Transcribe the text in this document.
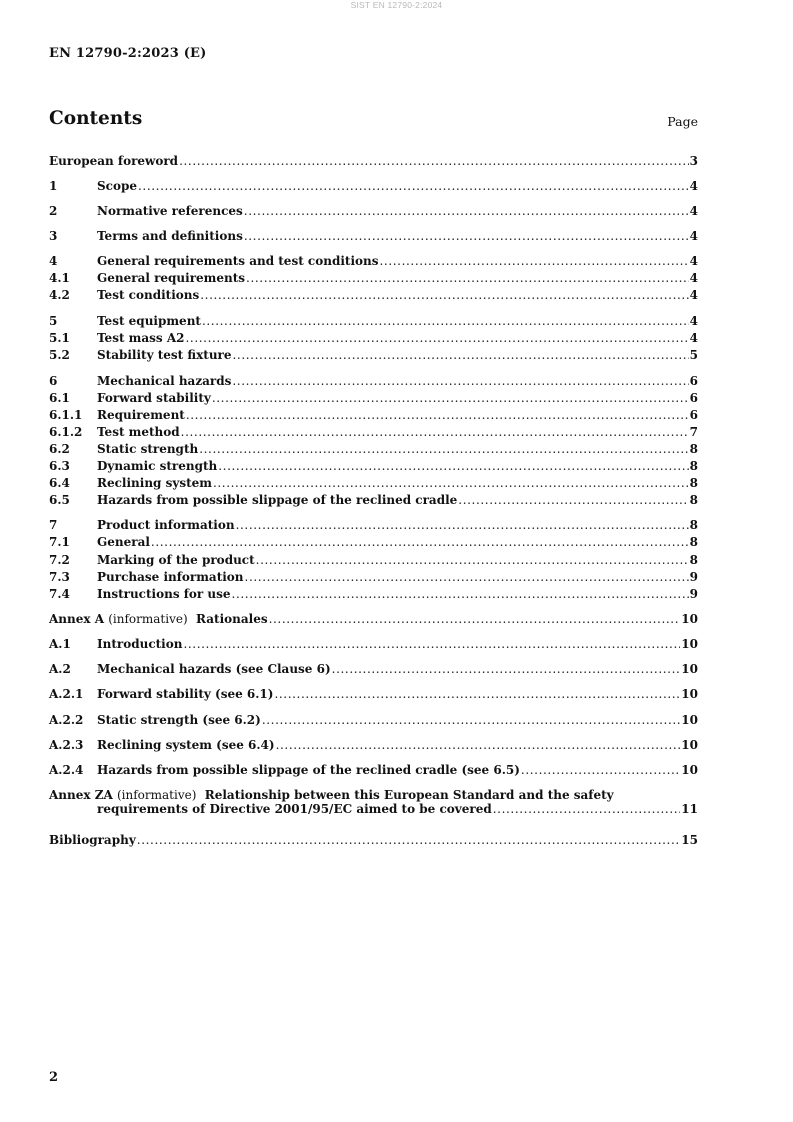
SIST EN 12790-2:2024
EN 12790-2:2023 (E)
Contents	Page
European foreword .....	3
1	Scope .....	4
2	Normative references .....	4
3	Terms and definitions .....	4
4	General requirements and test conditions .....	4
4.1	General requirements .....	4
4.2	Test conditions .....	4
5	Test equipment .....	4
5.1	Test mass A2 .....	4
5.2	Stability test fixture .....	5
6	Mechanical hazards .....	6
6.1	Forward stability .....	6
6.1.1	Requirement .....	6
6.1.2	Test method .....	7
6.2	Static strength .....	8
6.3	Dynamic strength .....	8
6.4	Reclining system .....	8
6.5	Hazards from possible slippage of the reclined cradle .....	8
7	Product information .....	8
7.1	General .....	8
7.2	Marking of the product .....	8
7.3	Purchase information .....	9
7.4	Instructions for use .....	9
Annex A (informative) Rationales .....	10
A.1	Introduction .....	10
A.2	Mechanical hazards (see Clause 6) .....	10
A.2.1	Forward stability (see 6.1) .....	10
A.2.2	Static strength (see 6.2) .....	10
A.2.3	Reclining system (see 6.4) .....	10
A.2.4	Hazards from possible slippage of the reclined cradle (see 6.5) .....	10
Annex ZA (informative) Relationship between this European Standard and the safety
requirements of Directive 2001/95/EC aimed to be covered .....	11
Bibliography .....	15
2
